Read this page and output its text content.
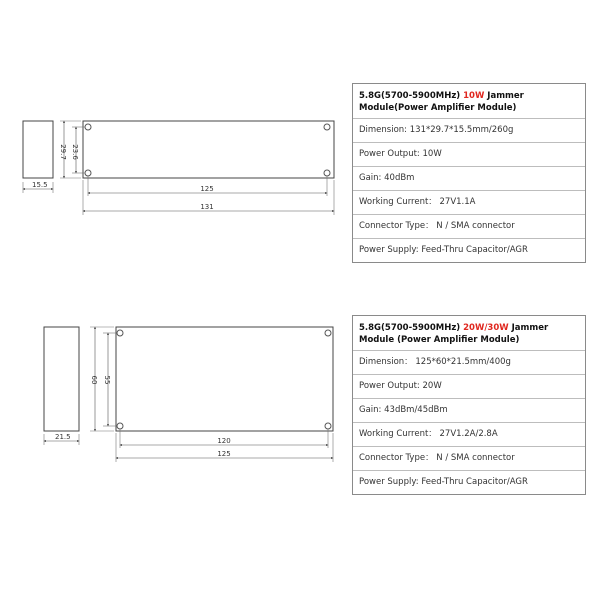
15.5
29.7 23.6
125
131
21.5
60 55
120
125
5.8G(5700-5900MHz) 10W Jammer Module(Power Amplifier Module)
Dimension: 131*29.7*15.5mm/260g
Power Output: 10W
Gain: 40dBm
Working Current： 27V1.1A
Connector Type： N / SMA connector
Power Supply: Feed-Thru Capacitor/AGR
5.8G(5700-5900MHz) 20W/30W Jammer Module (Power Amplifier Module)
Dimension： 125*60*21.5mm/400g
Power Output: 20W
Gain: 43dBm/45dBm
Working Current： 27V1.2A/2.8A
Connector Type： N / SMA connector
Power Supply: Feed-Thru Capacitor/AGR
